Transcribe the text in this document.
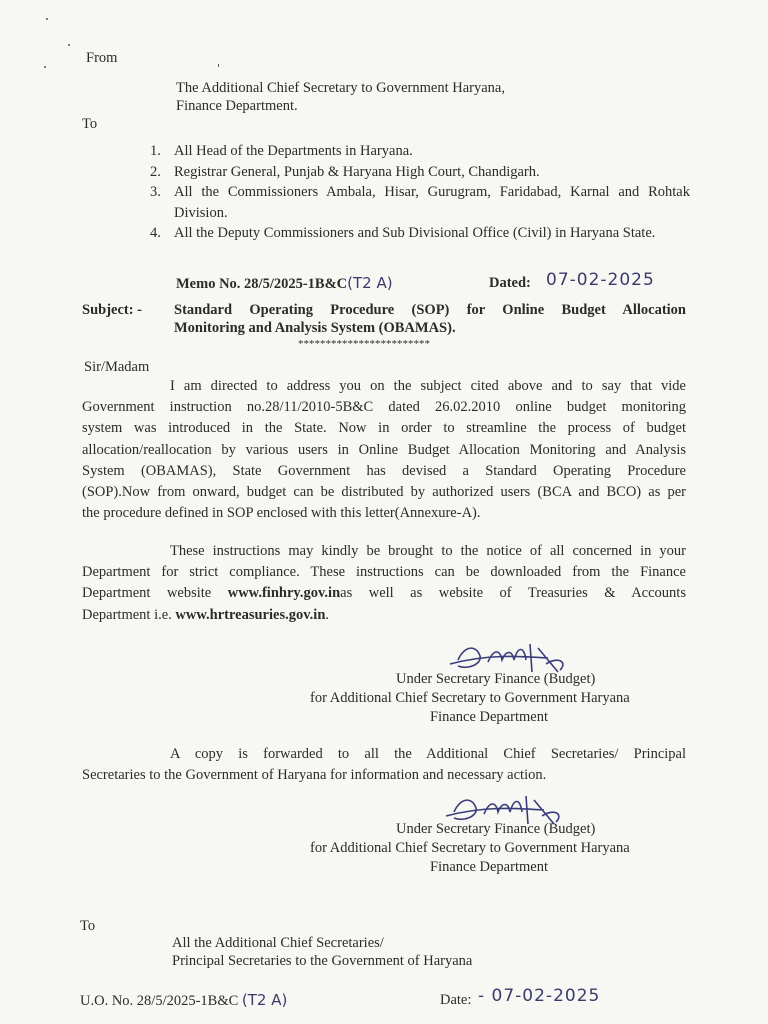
From
The Additional Chief Secretary to Government Haryana,
Finance Department.
To
1. All Head of the Departments in Haryana.
2. Registrar General, Punjab & Haryana High Court, Chandigarh.
3. All the Commissioners Ambala, Hisar, Gurugram, Faridabad, Karnal and Rohtak Division.
4. All the Deputy Commissioners and Sub Divisional Office (Civil) in Haryana State.
Memo No. 28/5/2025-1B&C(T2 A)	Dated: 07-02-2025
Subject: - Standard Operating Procedure (SOP) for Online Budget Allocation
Monitoring and Analysis System (OBAMAS).
************************
Sir/Madam
I am directed to address you on the subject cited above and to say that vide
Government instruction no.28/11/2010-5B&C dated 26.02.2010 online budget monitoring
system was introduced in the State. Now in order to streamline the process of budget
allocation/reallocation by various users in Online Budget Allocation Monitoring and Analysis
System (OBAMAS), State Government has devised a Standard Operating Procedure
(SOP).Now from onward, budget can be distributed by authorized users (BCA and BCO) as per
the procedure defined in SOP enclosed with this letter(Annexure-A).
These instructions may kindly be brought to the notice of all concerned in your
Department for strict compliance. These instructions can be downloaded from the Finance
Department website www.finhry.gov.inas well as website of Treasuries & Accounts
Department i.e. www.hrtreasuries.gov.in.
Under Secretary Finance (Budget)
for Additional Chief Secretary to Government Haryana
Finance Department
A copy is forwarded to all the Additional Chief Secretaries/ Principal
Secretaries to the Government of Haryana for information and necessary action.
Under Secretary Finance (Budget)
for Additional Chief Secretary to Government Haryana
Finance Department
To
All the Additional Chief Secretaries/
Principal Secretaries to the Government of Haryana
U.O. No. 28/5/2025-1B&C (T2 A)	Date: - 07-02-2025
